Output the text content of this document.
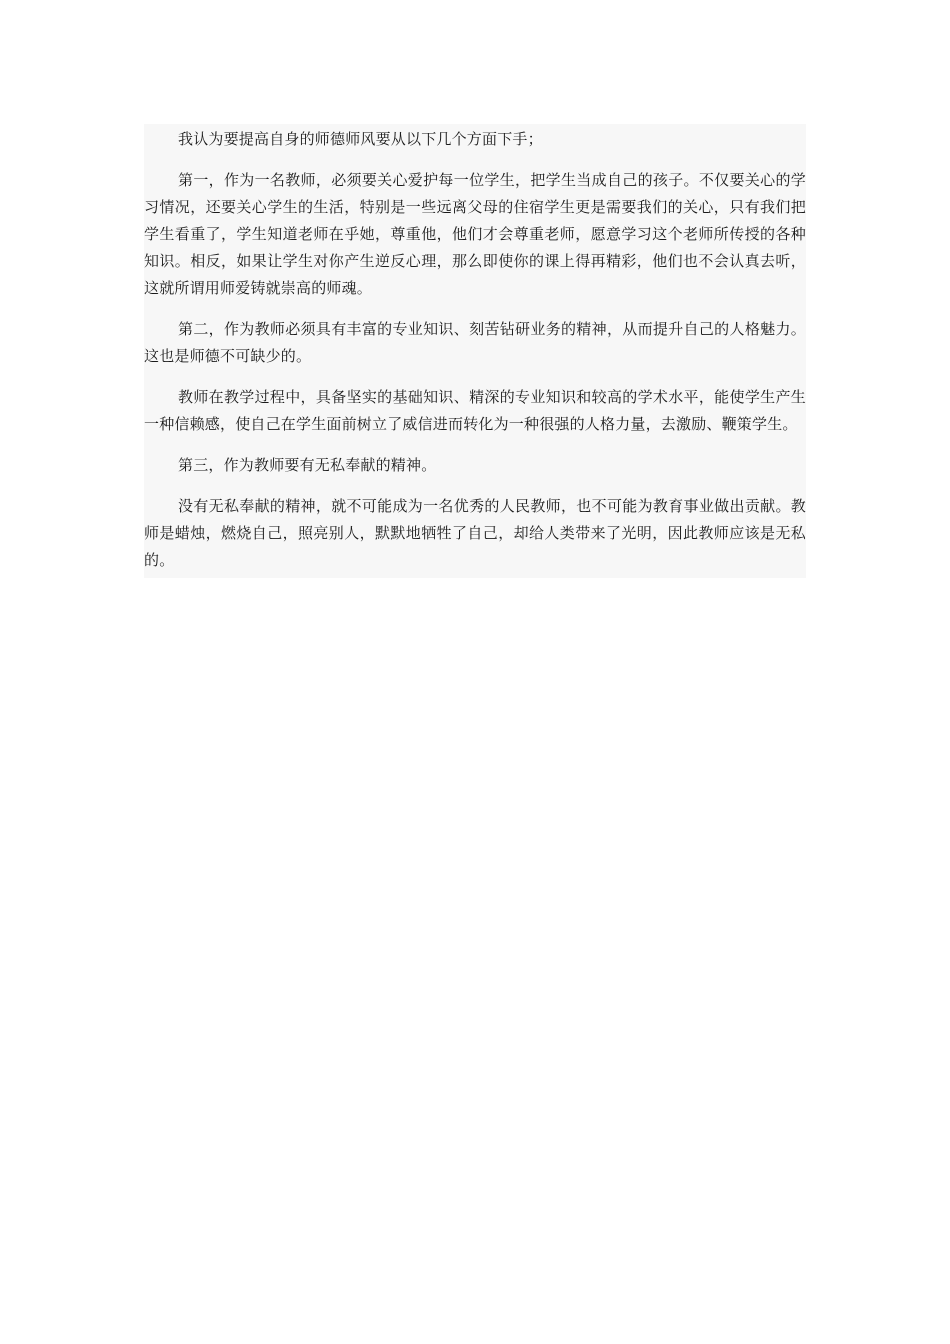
我认为要提高自身的师德师风要从以下几个方面下手；

第一，作为一名教师，必须要关心爱护每一位学生，把学生当成自己的孩子。不仅要关心的学习情况，还要关心学生的生活，特别是一些远离父母的住宿学生更是需要我们的关心，只有我们把学生看重了，学生知道老师在乎她，尊重他，他们才会尊重老师，愿意学习这个老师所传授的各种知识。相反，如果让学生对你产生逆反心理，那么即使你的课上得再精彩，他们也不会认真去听，这就所谓用师爱铸就崇高的师魂。

第二，作为教师必须具有丰富的专业知识、刻苦钻研业务的精神，从而提升自己的人格魅力。这也是师德不可缺少的。

教师在教学过程中，具备坚实的基础知识、精深的专业知识和较高的学术水平，能使学生产生一种信赖感，使自己在学生面前树立了威信进而转化为一种很强的人格力量，去激励、鞭策学生。

第三，作为教师要有无私奉献的精神。

没有无私奉献的精神，就不可能成为一名优秀的人民教师，也不可能为教育事业做出贡献。教师是蜡烛，燃烧自己，照亮别人，默默地牺牲了自己，却给人类带来了光明，因此教师应该是无私的。
